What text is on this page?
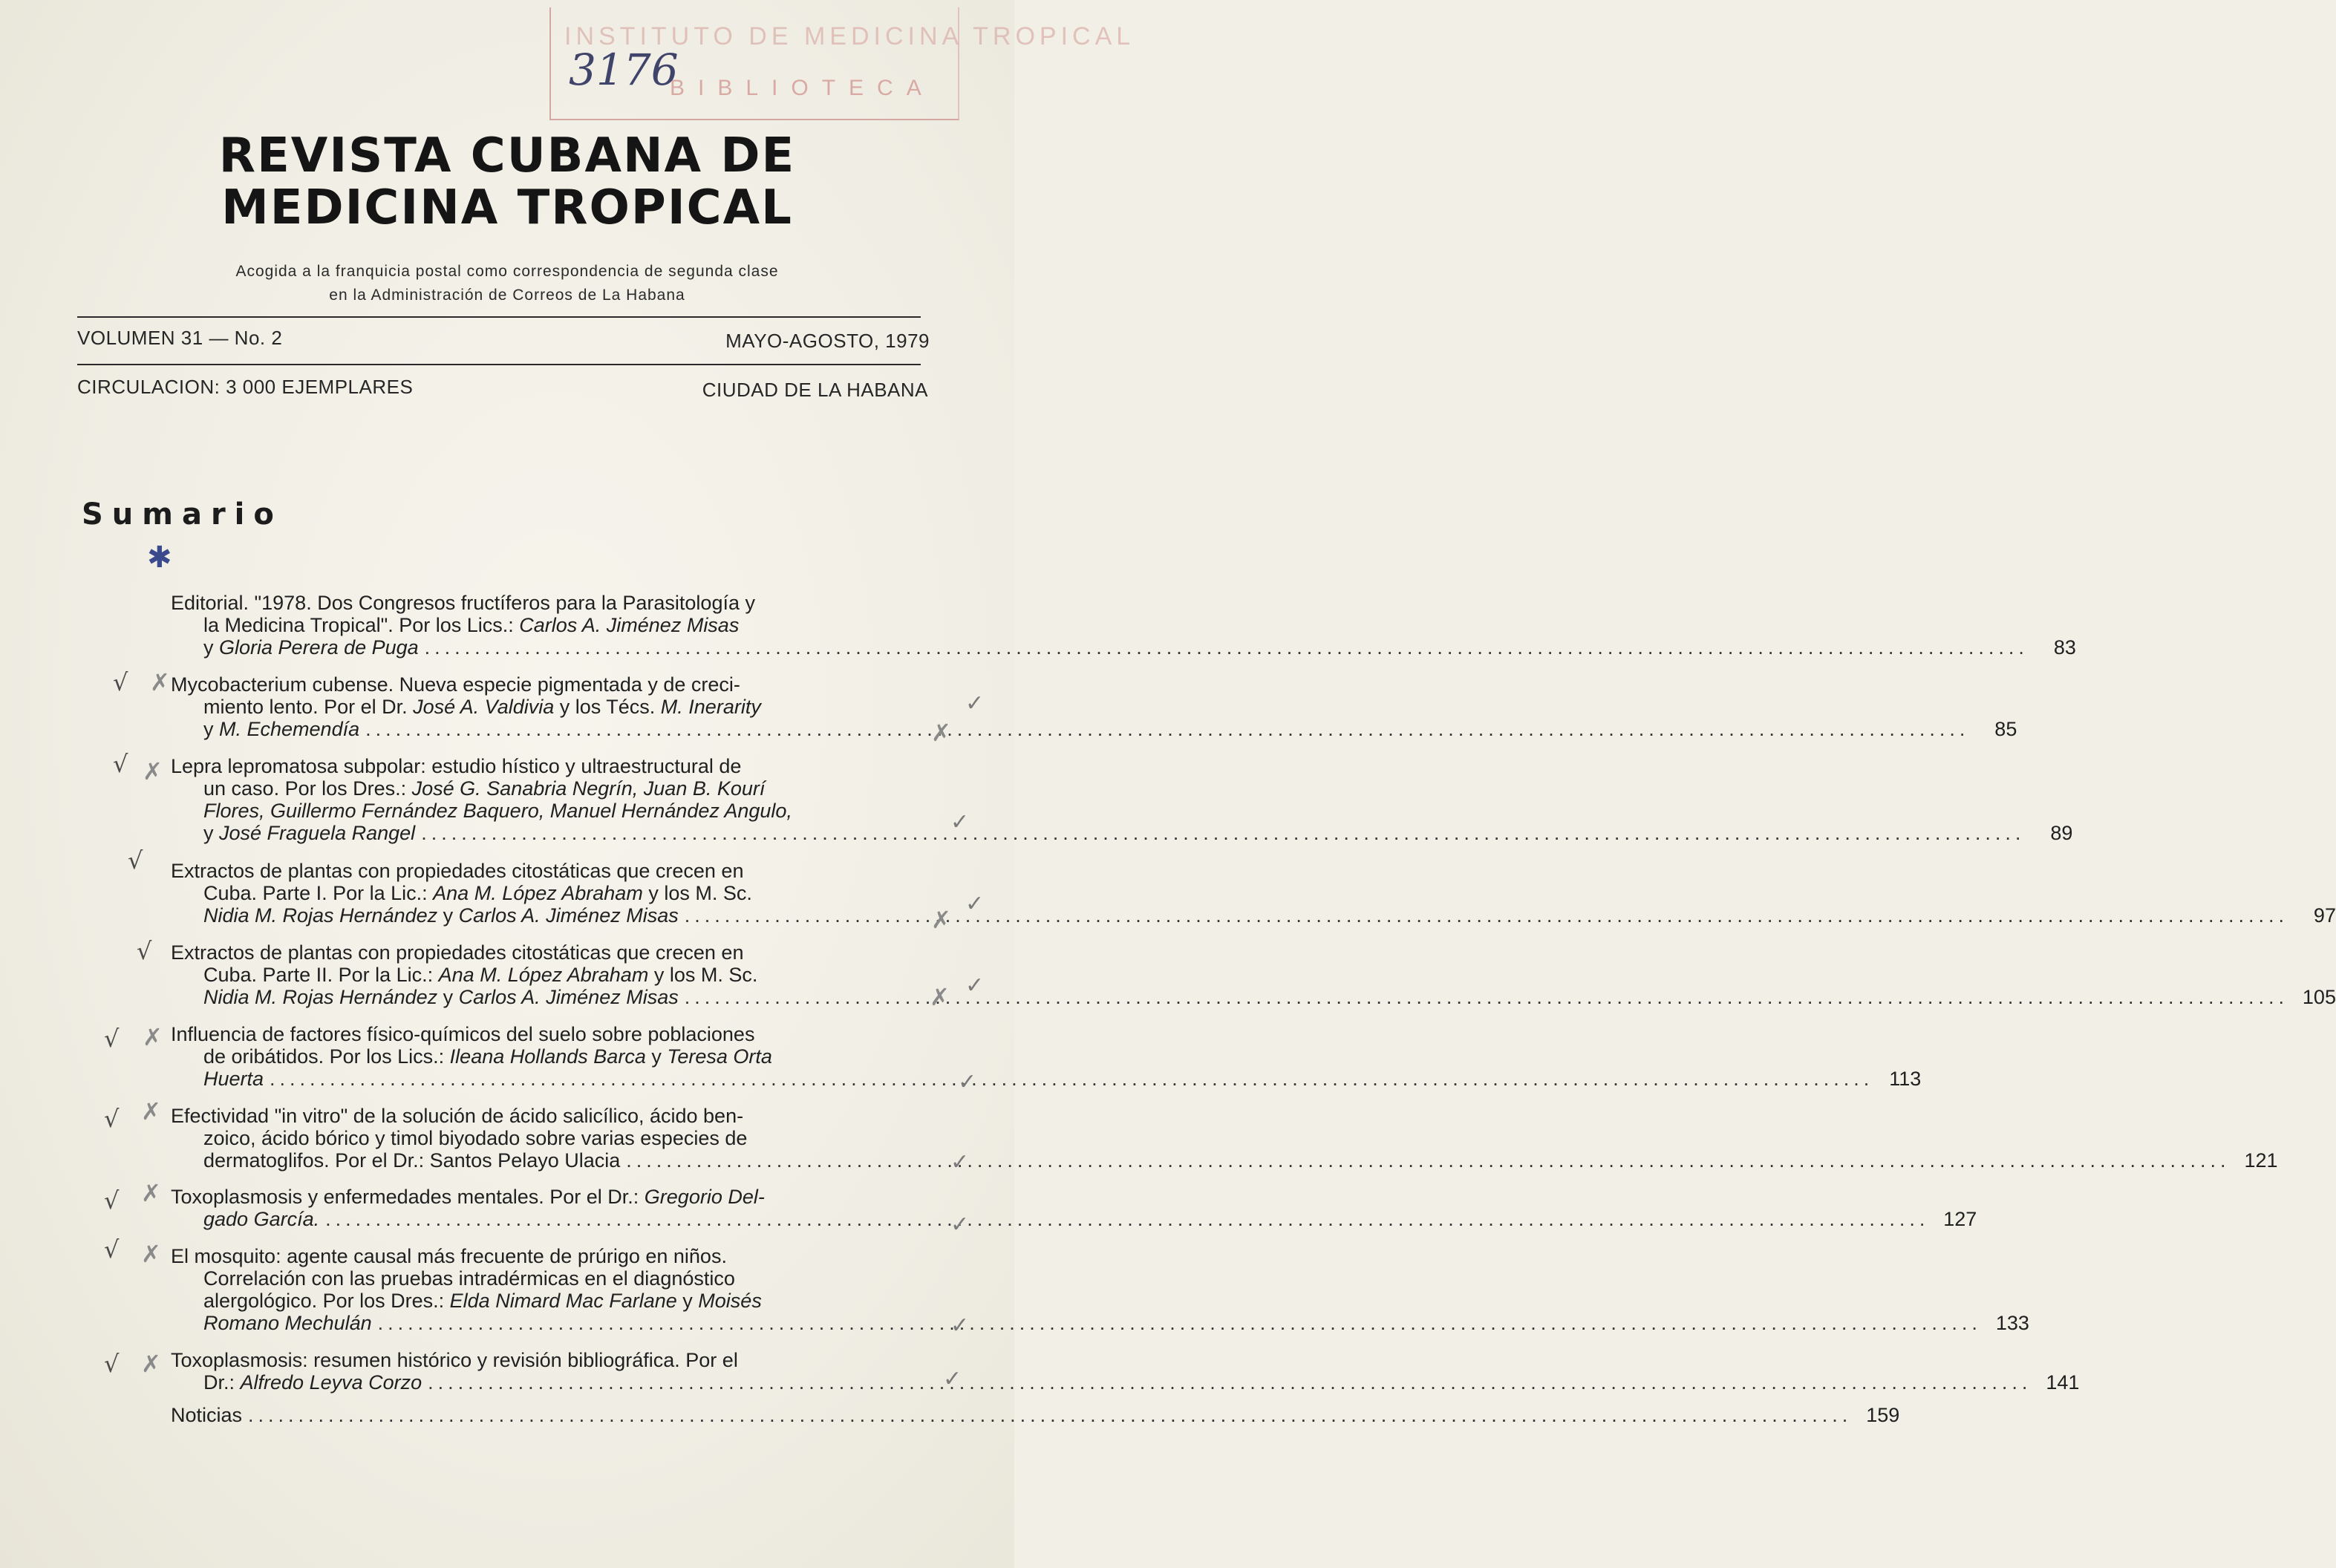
INSTITUTO DE MEDICINA TROPICAL
BIBLIOTECA
3176
REVISTA CUBANA DE
MEDICINA TROPICAL
Acogida a la franquicia postal como correspondencia de segunda clase
en la Administración de Correos de La Habana
VOLUMEN 31 — No. 2	MAYO-AGOSTO, 1979
CIRCULACION: 3 000 EJEMPLARES	CIUDAD DE LA HABANA
Sumario
✱
Editorial. "1978. Dos Congresos fructíferos para la Parasitología y
la Medicina Tropical". Por los Lics.: Carlos A. Jiménez Misas
y Gloria Perera de Puga .....	83
Mycobacterium cubense. Nueva especie pigmentada y de creci-
miento lento. Por el Dr. José A. Valdivia y los Técs. M. Inerarity
y M. Echemendía .....	85
Lepra lepromatosa subpolar: estudio hístico y ultraestructural de
un caso. Por los Dres.: José G. Sanabria Negrín, Juan B. Kourí
Flores, Guillermo Fernández Baquero, Manuel Hernández Angulo,
y José Fraguela Rangel .....	89
Extractos de plantas con propiedades citostáticas que crecen en
Cuba. Parte I. Por la Lic.: Ana M. López Abraham y los M. Sc.
Nidia M. Rojas Hernández y Carlos A. Jiménez Misas .....	97
Extractos de plantas con propiedades citostáticas que crecen en
Cuba. Parte II. Por la Lic.: Ana M. López Abraham y los M. Sc.
Nidia M. Rojas Hernández y Carlos A. Jiménez Misas .....	105
Influencia de factores físico-químicos del suelo sobre poblaciones
de oribátidos. Por los Lics.: Ileana Hollands Barca y Teresa Orta
Huerta .....	113
Efectividad "in vitro" de la solución de ácido salicílico, ácido ben-
zoico, ácido bórico y timol biyodado sobre varias especies de
dermatoglifos. Por el Dr.: Santos Pelayo Ulacia .....	121
Toxoplasmosis y enfermedades mentales. Por el Dr.: Gregorio Del-
gado García. .....	127
El mosquito: agente causal más frecuente de prúrigo en niños.
Correlación con las pruebas intradérmicas en el diagnóstico
alergológico. Por los Dres.: Elda Nimard Mac Farlane y Moisés
Romano Mechulán .....	133
Toxoplasmosis: resumen histórico y revisión bibliográfica. Por el
Dr.: Alfredo Leyva Corzo .....	141
Noticias .....	159
√ ✗
√ ✗
√
√
√ ✗
√ ✗
√ ✗
√ ✗
√ ✗
✗
✗
✗
✓
✓
✓
✓
✓
✓
✓
✓
✓
